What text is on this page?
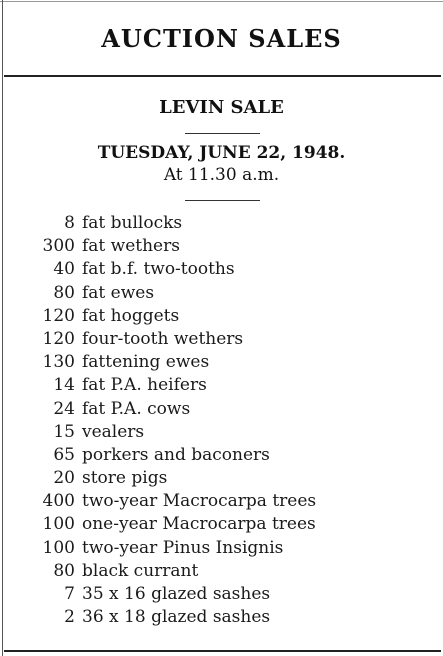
AUCTION SALES
LEVIN SALE
TUESDAY, JUNE 22, 1948.
At 11.30 a.m.
8 fat bullocks
300 fat wethers
40 fat b.f. two-tooths
80 fat ewes
120 fat hoggets
120 four-tooth wethers
130 fattening ewes
14 fat P.A. heifers
24 fat P.A. cows
15 vealers
65 porkers and baconers
20 store pigs
400 two-year Macrocarpa trees
100 one-year Macrocarpa trees
100 two-year Pinus Insignis
80 black currant
7 35 x 16 glazed sashes
2 36 x 18 glazed sashes
